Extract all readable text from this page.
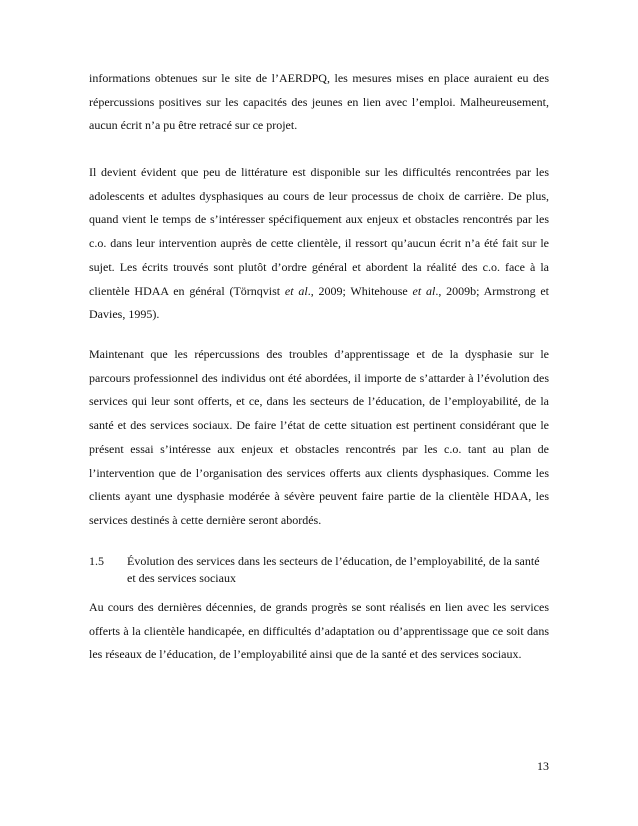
informations obtenues sur le site de l’AERDPQ, les mesures mises en place auraient eu des répercussions positives sur les capacités des jeunes en lien avec l’emploi. Malheureusement, aucun écrit n’a pu être retracé sur ce projet.

Il devient évident que peu de littérature est disponible sur les difficultés rencontrées par les adolescents et adultes dysphasiques au cours de leur processus de choix de carrière. De plus, quand vient le temps de s’intéresser spécifiquement aux enjeux et obstacles rencontrés par les c.o. dans leur intervention auprès de cette clientèle, il ressort qu’aucun écrit n’a été fait sur le sujet. Les écrits trouvés sont plutôt d’ordre général et abordent la réalité des c.o. face à la clientèle HDAA en général (Törnqvist et al., 2009; Whitehouse et al., 2009b; Armstrong et Davies, 1995).

Maintenant que les répercussions des troubles d’apprentissage et de la dysphasie sur le parcours professionnel des individus ont été abordées, il importe de s’attarder à l’évolution des services qui leur sont offerts, et ce, dans les secteurs de l’éducation, de l’employabilité, de la santé et des services sociaux. De faire l’état de cette situation est pertinent considérant que le présent essai s’intéresse aux enjeux et obstacles rencontrés par les c.o. tant au plan de l’intervention que de l’organisation des services offerts aux clients dysphasiques. Comme les clients ayant une dysphasie modérée à sévère peuvent faire partie de la clientèle HDAA, les services destinés à cette dernière seront abordés.

1.5 Évolution des services dans les secteurs de l’éducation, de l’employabilité, de la santé et des services sociaux

Au cours des dernières décennies, de grands progrès se sont réalisés en lien avec les services offerts à la clientèle handicapée, en difficultés d’adaptation ou d’apprentissage que ce soit dans les réseaux de l’éducation, de l’employabilité ainsi que de la santé et des services sociaux.

13
